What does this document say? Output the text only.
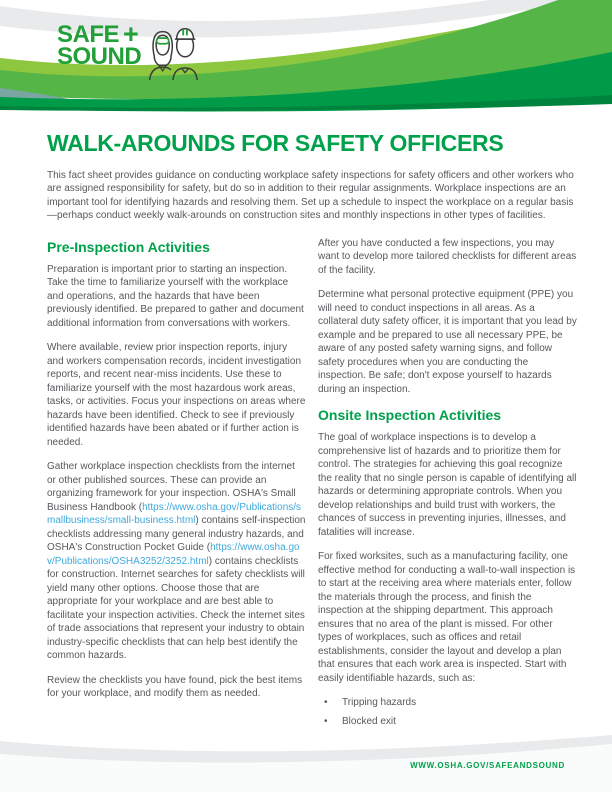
SAFE +
SOUND
WALK-AROUNDS FOR SAFETY OFFICERS

This fact sheet provides guidance on conducting workplace safety inspections for safety officers and other workers who are assigned responsibility for safety, but do so in addition to their regular assignments. Workplace inspections are an important tool for identifying hazards and resolving them. Set up a schedule to inspect the workplace on a regular basis—perhaps conduct weekly walk-arounds on construction sites and monthly inspections in other types of facilities.

Pre-Inspection Activities

Preparation is important prior to starting an inspection. Take the time to familiarize yourself with the workplace and operations, and the hazards that have been previously identified. Be prepared to gather and document additional information from conversations with workers.

Where available, review prior inspection reports, injury and workers compensation records, incident investigation reports, and recent near-miss incidents. Use these to familiarize yourself with the most hazardous work areas, tasks, or activities. Focus your inspections on areas where hazards have been identified. Check to see if previously identified hazards have been abated or if further action is needed.

Gather workplace inspection checklists from the internet or other published sources. These can provide an organizing framework for your inspection. OSHA's Small Business Handbook (https://www.osha.gov/Publications/smallbusiness/small-business.html) contains self-inspection checklists addressing many general industry hazards, and OSHA's Construction Pocket Guide (https://www.osha.gov/Publications/OSHA3252/3252.html) contains checklists for construction. Internet searches for safety checklists will yield many other options. Choose those that are appropriate for your workplace and are best able to facilitate your inspection activities. Check the internet sites of trade associations that represent your industry to obtain industry-specific checklists that can help best identify the common hazards.

Review the checklists you have found, pick the best items for your workplace, and modify them as needed.

After you have conducted a few inspections, you may want to develop more tailored checklists for different areas of the facility.

Determine what personal protective equipment (PPE) you will need to conduct inspections in all areas. As a collateral duty safety officer, it is important that you lead by example and be prepared to use all necessary PPE, be aware of any posted safety warning signs, and follow safety procedures when you are conducting the inspection. Be safe; don't expose yourself to hazards during an inspection.

Onsite Inspection Activities

The goal of workplace inspections is to develop a comprehensive list of hazards and to prioritize them for control. The strategies for achieving this goal recognize the reality that no single person is capable of identifying all hazards or determining appropriate controls. When you develop relationships and build trust with workers, the chances of success in preventing injuries, illnesses, and fatalities will increase.

For fixed worksites, such as a manufacturing facility, one effective method for conducting a wall-to-wall inspection is to start at the receiving area where materials enter, follow the materials through the process, and finish the inspection at the shipping department. This approach ensures that no area of the plant is missed. For other types of workplaces, such as offices and retail establishments, consider the layout and develop a plan that ensures that each work area is inspected. Start with easily identifiable hazards, such as:

• Tripping hazards
• Blocked exit
WWW.OSHA.GOV/SAFEANDSOUND
